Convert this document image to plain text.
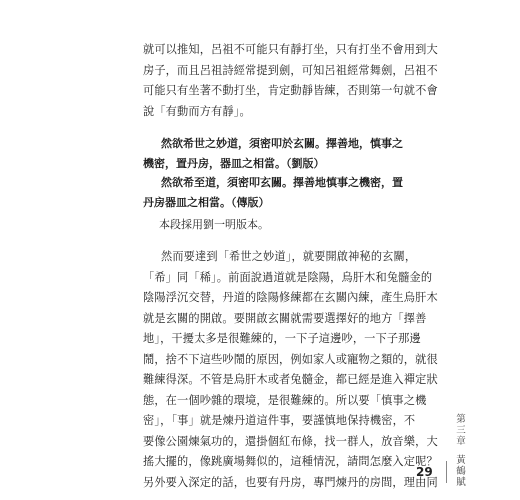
就可以推知，呂祖不可能只有靜打坐，只有打坐不會用到大
房子，而且呂祖詩經常提到劍，可知呂祖經常舞劍，呂祖不
可能只有坐著不動打坐，肯定動靜皆練，否則第一句就不會
說「有動而方有靜」。
然欲希世之妙道，須密叩於玄關。擇善地，慎事之
機密，置丹房，器皿之相當。（劉版）
然欲希至道，須密叩玄關。擇善地慎事之機密，置
丹房器皿之相當。（傳版）
本段採用劉一明版本。
然而要達到「希世之妙道」，就要開啟神秘的玄關，
「希」同「稀」。前面說過道就是陰陽，烏肝木和兔髓金的
陰陽浮沉交替，丹道的陰陽修練都在玄關內練，產生烏肝木
就是玄關的開啟。要開啟玄關就需要選擇好的地方「擇善
地」，干擾太多是很難練的，一下子這邊吵，一下子那邊
鬧，捨不下這些吵鬧的原因，例如家人或寵物之類的，就很
難練得深。不管是烏肝木或者兔髓金，都已經是進入禪定狀
態，在一個吵雜的環境，是很難練的。所以要「慎事之機
密」，「事」就是煉丹道這件事，要謹慎地保持機密，不
要像公園煉氣功的，還掛個紅布條，找一群人，放音樂，大
搖大擺的，像跳廣場舞似的，這種情況，請問怎麼入定呢？
另外要入深定的話，也要有丹房，專門煉丹的房間，理由同
第三章
黃鶴賦
29
